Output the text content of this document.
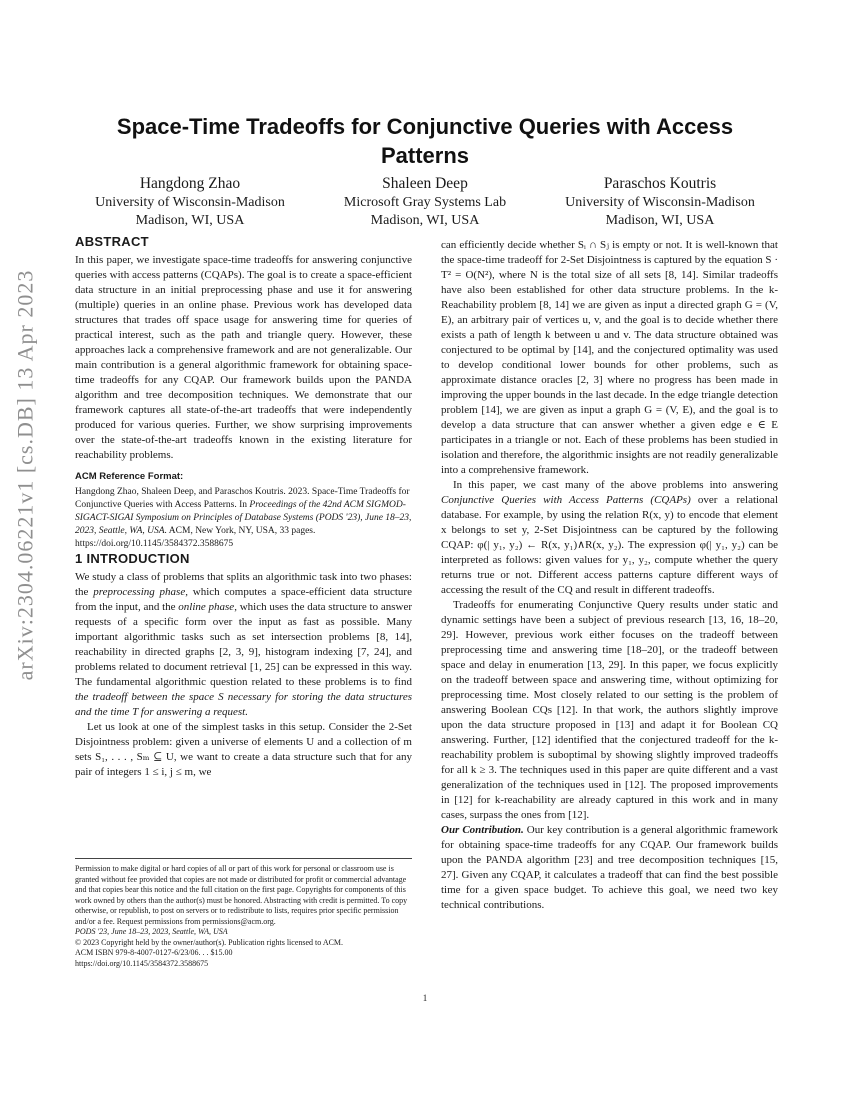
arXiv:2304.06221v1 [cs.DB] 13 Apr 2023
Space-Time Tradeoffs for Conjunctive Queries with Access Patterns
Hangdong Zhao
University of Wisconsin-Madison
Madison, WI, USA
Shaleen Deep
Microsoft Gray Systems Lab
Madison, WI, USA
Paraschos Koutris
University of Wisconsin-Madison
Madison, WI, USA
ABSTRACT

In this paper, we investigate space-time tradeoffs for answering conjunctive queries with access patterns (CQAPs). The goal is to create a space-efficient data structure in an initial preprocessing phase and use it for answering (multiple) queries in an online phase. Previous work has developed data structures that trades off space usage for answering time for queries of practical interest, such as the path and triangle query. However, these approaches lack a comprehensive framework and are not generalizable. Our main contribution is a general algorithmic framework for obtaining space-time tradeoffs for any CQAP. Our framework builds upon the PANDA algorithm and tree decomposition techniques. We demonstrate that our framework captures all state-of-the-art tradeoffs that were independently produced for various queries. Further, we show surprising improvements over the state-of-the-art tradeoffs known in the existing literature for reachability problems.

ACM Reference Format:

Hangdong Zhao, Shaleen Deep, and Paraschos Koutris. 2023. Space-Time Tradeoffs for Conjunctive Queries with Access Patterns. In Proceedings of the 42nd ACM SIGMOD-SIGACT-SIGAI Symposium on Principles of Database Systems (PODS '23), June 18–23, 2023, Seattle, WA, USA. ACM, New York, NY, USA, 33 pages. https://doi.org/10.1145/3584372.3588675

1 INTRODUCTION

We study a class of problems that splits an algorithmic task into two phases: the preprocessing phase, which computes a space-efficient data structure from the input, and the online phase, which uses the data structure to answer requests of a specific form over the input as fast as possible. Many important algorithmic tasks such as set intersection problems [8, 14], reachability in directed graphs [2, 3, 9], histogram indexing [7, 24], and problems related to document retrieval [1, 25] can be expressed in this way. The fundamental algorithmic question related to these problems is to find the tradeoff between the space S necessary for storing the data structures and the time T for answering a request.

Let us look at one of the simplest tasks in this setup. Consider the 2-Set Disjointness problem: given a universe of elements U and a collection of m sets S₁, . . . , Sₘ ⊆ U, we want to create a data structure such that for any pair of integers 1 ≤ i, j ≤ m, we

Permission to make digital or hard copies of all or part of this work for personal or classroom use is granted without fee provided that copies are not made or distributed for profit or commercial advantage and that copies bear this notice and the full citation on the first page. Copyrights for components of this work owned by others than the author(s) must be honored. Abstracting with credit is permitted. To copy otherwise, or republish, to post on servers or to redistribute to lists, requires prior specific permission and/or a fee. Request permissions from permissions@acm.org.
PODS '23, June 18–23, 2023, Seattle, WA, USA
© 2023 Copyright held by the owner/author(s). Publication rights licensed to ACM.
ACM ISBN 979-8-4007-0127-6/23/06. . . $15.00
https://doi.org/10.1145/3584372.3588675

can efficiently decide whether Sᵢ ∩ Sⱼ is empty or not. It is well-known that the space-time tradeoff for 2-Set Disjointness is captured by the equation S · T² = O(N²), where N is the total size of all sets [8, 14]. Similar tradeoffs have also been established for other data structure problems. In the k-Reachability problem [8, 14] we are given as input a directed graph G = (V, E), an arbitrary pair of vertices u, v, and the goal is to decide whether there exists a path of length k between u and v. The data structure obtained was conjectured to be optimal by [14], and the conjectured optimality was used to develop conditional lower bounds for other problems, such as approximate distance oracles [2, 3] where no progress has been made in improving the upper bounds in the last decade. In the edge triangle detection problem [14], we are given as input a graph G = (V, E), and the goal is to develop a data structure that can answer whether a given edge e ∈ E participates in a triangle or not. Each of these problems has been studied in isolation and therefore, the algorithmic insights are not readily generalizable into a comprehensive framework.

In this paper, we cast many of the above problems into answering Conjunctive Queries with Access Patterns (CQAPs) over a relational database. For example, by using the relation R(x, y) to encode that element x belongs to set y, 2-Set Disjointness can be captured by the following CQAP: φ(| y₁, y₂) ← R(x, y₁)∧R(x, y₂). The expression φ(| y₁, y₂) can be interpreted as follows: given values for y₁, y₂, compute whether the query returns true or not. Different access patterns capture different ways of accessing the result of the CQ and result in different tradeoffs.

Tradeoffs for enumerating Conjunctive Query results under static and dynamic settings have been a subject of previous research [13, 16, 18–20, 29]. However, previous work either focuses on the tradeoff between preprocessing time and answering time [18–20], or the tradeoff between space and delay in enumeration [13, 29]. In this paper, we focus explicitly on the tradeoff between space and answering time, without optimizing for preprocessing time. Most closely related to our setting is the problem of answering Boolean CQs [12]. In that work, the authors slightly improve upon the data structure proposed in [13] and adapt it for Boolean CQ answering. Further, [12] identified that the conjectured tradeoff for the k-reachability problem is suboptimal by showing slightly improved tradeoffs for all k ≥ 3. The techniques used in this paper are quite different and a vast generalization of the techniques used in [12]. The proposed improvements in [12] for k-reachability are already captured in this work and in many cases, surpass the ones from [12].

Our Contribution. Our key contribution is a general algorithmic framework for obtaining space-time tradeoffs for any CQAP. Our framework builds upon the PANDA algorithm [23] and tree decomposition techniques [15, 27]. Given any CQAP, it calculates a tradeoff that can find the best possible time for a given space budget. To achieve this goal, we need two key technical contributions.

1
